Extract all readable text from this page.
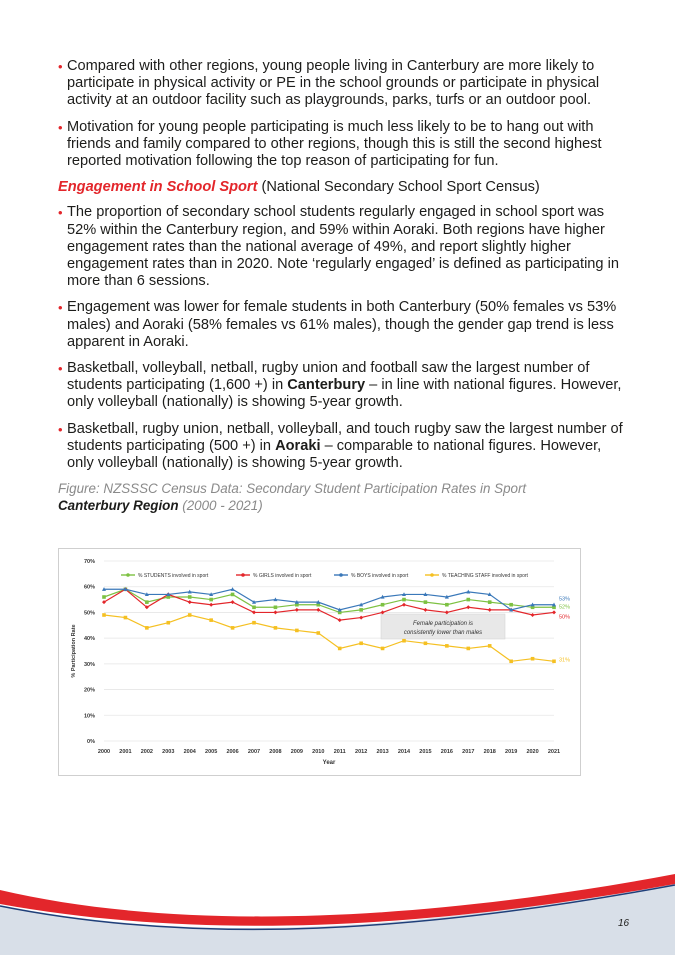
• Compared with other regions, young people living in Canterbury are more likely to participate in physical activity or PE in the school grounds or participate in physical activity at an outdoor facility such as playgrounds, parks, turfs or an outdoor pool.
• Motivation for young people participating is much less likely to be to hang out with friends and family compared to other regions, though this is still the second highest reported motivation following the top reason of participating for fun.

Engagement in School Sport (National Secondary School Sport Census)

• The proportion of secondary school students regularly engaged in school sport was 52% within the Canterbury region, and 59% within Aoraki. Both regions have higher engagement rates than the national average of 49%, and report slightly higher engagement rates than in 2020. Note ‘regularly engaged’ is defined as participating in more than 6 sessions.
• Engagement was lower for female students in both Canterbury (50% females vs 53% males) and Aoraki (58% females vs 61% males), though the gender gap trend is less apparent in Aoraki.
• Basketball, volleyball, netball, rugby union and football saw the largest number of students participating (1,600 +) in Canterbury – in line with national figures. However, only volleyball (nationally) is showing 5-year growth.
• Basketball, rugby union, netball, volleyball, and touch rugby saw the largest number of students participating (500 +) in Aoraki – comparable to national figures. However, only volleyball (nationally) is showing 5-year growth.
Figure: NZSSSC Census Data: Secondary Student Participation Rates in Sport
Canterbury Region (2000 - 2021)
0%
10%
20%
30%
40%
50%
60%
70%
2000 2001 2002 2003 2004 2005 2006 2007 2008 2009 2010 2011 2012 2013 2014 2015 2016 2017 2018 2019 2020 2021
Year
% Participation Rate
% STUDENTS involved in sport	% GIRLS involved in sport	% BOYS involved in sport	% TEACHING STAFF involved in sport
Female participation is
consistently lower than males
53%
52%
50%
31%
16
